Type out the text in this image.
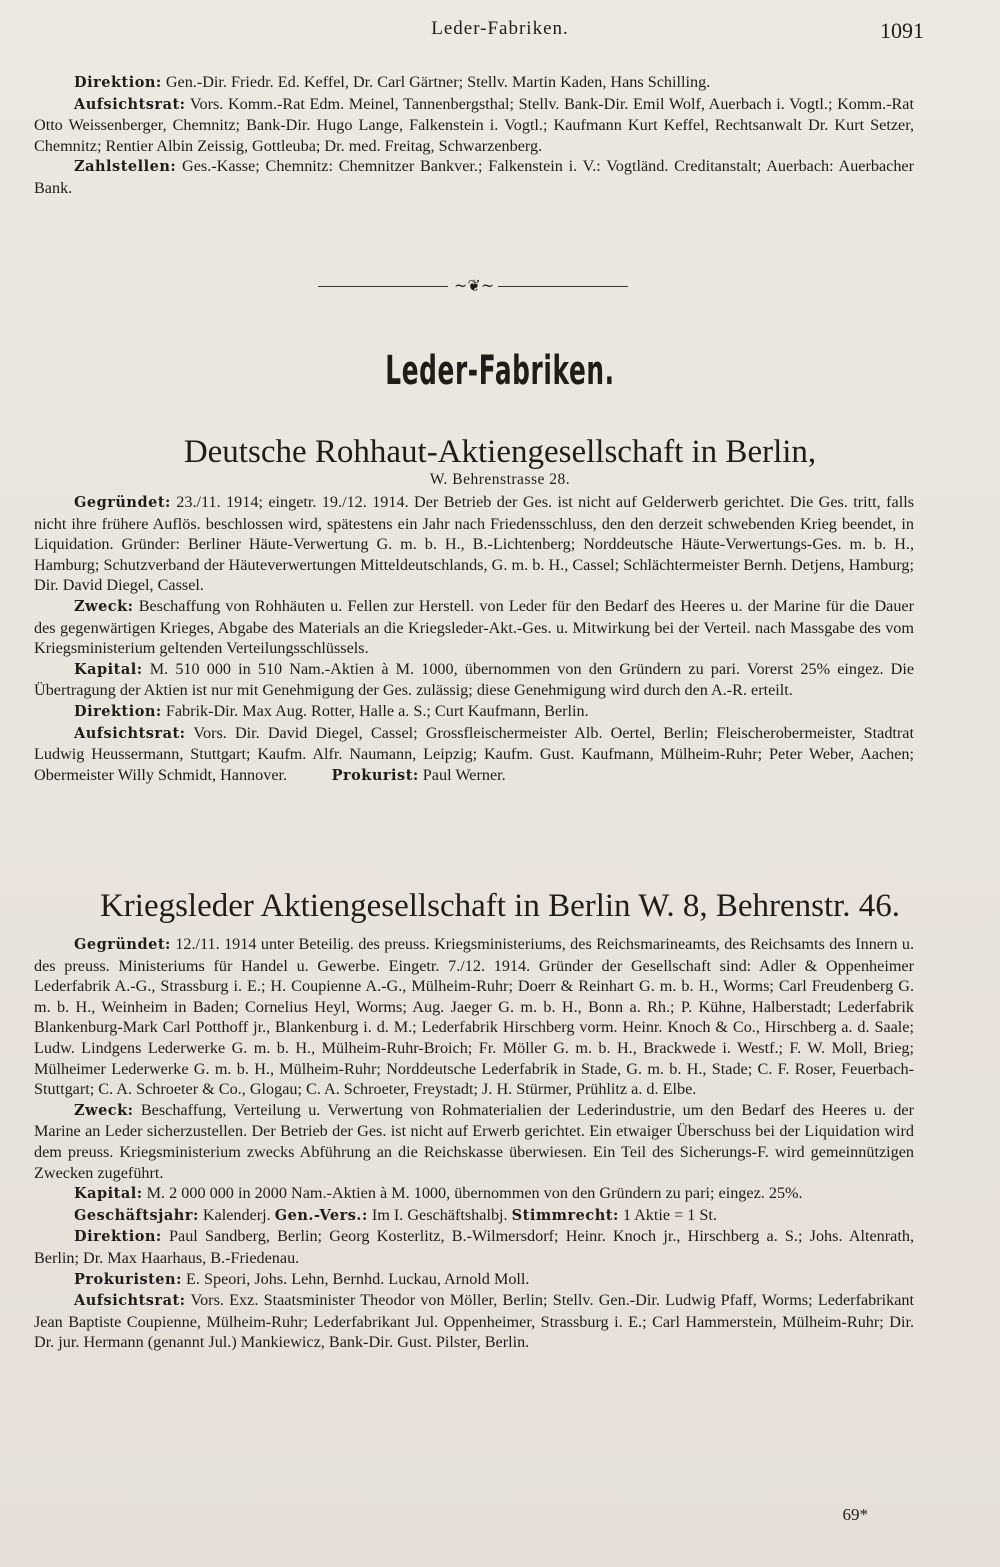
Leder-Fabriken.	1091

Direktion: Gen.-Dir. Friedr. Ed. Keffel, Dr. Carl Gärtner; Stellv. Martin Kaden, Hans Schilling.

Aufsichtsrat: Vors. Komm.-Rat Edm. Meinel, Tannenbergsthal; Stellv. Bank-Dir. Emil Wolf, Auerbach i. Vogtl.; Komm.-Rat Otto Weissenberger, Chemnitz; Bank-Dir. Hugo Lange, Falkenstein i. Vogtl.; Kaufmann Kurt Keffel, Rechtsanwalt Dr. Kurt Setzer, Chemnitz; Rentier Albin Zeissig, Gottleuba; Dr. med. Freitag, Schwarzenberg.

Zahlstellen: Ges.-Kasse; Chemnitz: Chemnitzer Bankver.; Falkenstein i. V.: Vogtländ. Creditanstalt; Auerbach: Auerbacher Bank.

~❦~
Leder-Fabriken.
Deutsche Rohhaut-Aktiengesellschaft in Berlin,
W. Behrenstrasse 28.

Gegründet: 23./11. 1914; eingetr. 19./12. 1914. Der Betrieb der Ges. ist nicht auf Gelderwerb gerichtet. Die Ges. tritt, falls nicht ihre frühere Auflös. beschlossen wird, spätestens ein Jahr nach Friedensschluss, den den derzeit schwebenden Krieg beendet, in Liquidation. Gründer: Berliner Häute-Verwertung G. m. b. H., B.-Lichtenberg; Norddeutsche Häute-Verwertungs-Ges. m. b. H., Hamburg; Schutzverband der Häuteverwertungen Mitteldeutschlands, G. m. b. H., Cassel; Schlächtermeister Bernh. Detjens, Hamburg; Dir. David Diegel, Cassel.

Zweck: Beschaffung von Rohhäuten u. Fellen zur Herstell. von Leder für den Bedarf des Heeres u. der Marine für die Dauer des gegenwärtigen Krieges, Abgabe des Materials an die Kriegsleder-Akt.-Ges. u. Mitwirkung bei der Verteil. nach Massgabe des vom Kriegsministerium geltenden Verteilungsschlüssels.

Kapital: M. 510 000 in 510 Nam.-Aktien à M. 1000, übernommen von den Gründern zu pari. Vorerst 25% eingez. Die Übertragung der Aktien ist nur mit Genehmigung der Ges. zulässig; diese Genehmigung wird durch den A.-R. erteilt.

Direktion: Fabrik-Dir. Max Aug. Rotter, Halle a. S.; Curt Kaufmann, Berlin.

Aufsichtsrat: Vors. Dir. David Diegel, Cassel; Grossfleischermeister Alb. Oertel, Berlin; Fleischerobermeister, Stadtrat Ludwig Heussermann, Stuttgart; Kaufm. Alfr. Naumann, Leipzig; Kaufm. Gust. Kaufmann, Mülheim-Ruhr; Peter Weber, Aachen; Obermeister Willy Schmidt, Hannover.	Prokurist: Paul Werner.

Kriegsleder Aktiengesellschaft in Berlin W. 8, Behrenstr. 46.

Gegründet: 12./11. 1914 unter Beteilig. des preuss. Kriegsministeriums, des Reichsmarineamts, des Reichsamts des Innern u. des preuss. Ministeriums für Handel u. Gewerbe. Eingetr. 7./12. 1914. Gründer der Gesellschaft sind: Adler & Oppenheimer Lederfabrik A.-G., Strassburg i. E.; H. Coupienne A.-G., Mülheim-Ruhr; Doerr & Reinhart G. m. b. H., Worms; Carl Freudenberg G. m. b. H., Weinheim in Baden; Cornelius Heyl, Worms; Aug. Jaeger G. m. b. H., Bonn a. Rh.; P. Kühne, Halberstadt; Lederfabrik Blankenburg-Mark Carl Potthoff jr., Blankenburg i. d. M.; Lederfabrik Hirschberg vorm. Heinr. Knoch & Co., Hirschberg a. d. Saale; Ludw. Lindgens Lederwerke G. m. b. H., Mülheim-Ruhr-Broich; Fr. Möller G. m. b. H., Brackwede i. Westf.; F. W. Moll, Brieg; Mülheimer Lederwerke G. m. b. H., Mülheim-Ruhr; Norddeutsche Lederfabrik in Stade, G. m. b. H., Stade; C. F. Roser, Feuerbach-Stuttgart; C. A. Schroeter & Co., Glogau; C. A. Schroeter, Freystadt; J. H. Stürmer, Prühlitz a. d. Elbe.

Zweck: Beschaffung, Verteilung u. Verwertung von Rohmaterialien der Lederindustrie, um den Bedarf des Heeres u. der Marine an Leder sicherzustellen. Der Betrieb der Ges. ist nicht auf Erwerb gerichtet. Ein etwaiger Überschuss bei der Liquidation wird dem preuss. Kriegsministerium zwecks Abführung an die Reichskasse überwiesen. Ein Teil des Sicherungs-F. wird gemeinnützigen Zwecken zugeführt.

Kapital: M. 2 000 000 in 2000 Nam.-Aktien à M. 1000, übernommen von den Gründern zu pari; eingez. 25%.

Geschäftsjahr: Kalenderj. Gen.-Vers.: Im I. Geschäftshalbj. Stimmrecht: 1 Aktie = 1 St.

Direktion: Paul Sandberg, Berlin; Georg Kosterlitz, B.-Wilmersdorf; Heinr. Knoch jr., Hirschberg a. S.; Johs. Altenrath, Berlin; Dr. Max Haarhaus, B.-Friedenau.

Prokuristen: E. Speori, Johs. Lehn, Bernhd. Luckau, Arnold Moll.

Aufsichtsrat: Vors. Exz. Staatsminister Theodor von Möller, Berlin; Stellv. Gen.-Dir. Ludwig Pfaff, Worms; Lederfabrikant Jean Baptiste Coupienne, Mülheim-Ruhr; Lederfabrikant Jul. Oppenheimer, Strassburg i. E.; Carl Hammerstein, Mülheim-Ruhr; Dir. Dr. jur. Hermann (genannt Jul.) Mankiewicz, Bank-Dir. Gust. Pilster, Berlin.

69*
